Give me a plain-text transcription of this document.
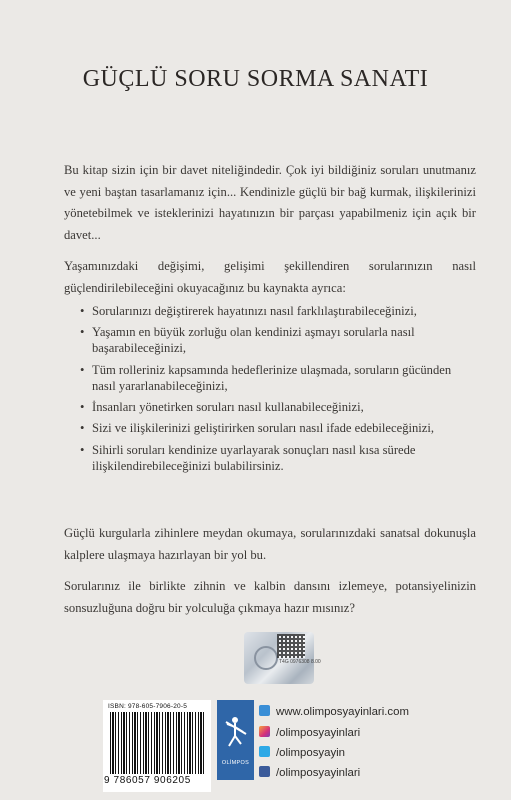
GÜÇLÜ SORU SORMA SANATI
Bu kitap sizin için bir davet niteliğindedir. Çok iyi bildiğiniz soruları unutmanız ve yeni baştan tasarlamanız için... Kendinizle güçlü bir bağ kurmak, ilişkilerinizi yönetebilmek ve isteklerinizi hayatınızın bir parçası yapabilmeniz için açık bir davet...
Yaşamınızdaki değişimi, gelişimi şekillendiren sorularınızın nasıl güçlendirilebileceğini okuyacağınız bu kaynakta ayrıca:
• Sorularınızı değiştirerek hayatınızı nasıl farklılaştırabileceğinizi,
• Yaşamın en büyük zorluğu olan kendinizi aşmayı sorularla nasıl başarabileceğinizi,
• Tüm rolleriniz kapsamında hedeflerinize ulaşmada, soruların gücünden nasıl yararlanabileceğinizi,
• İnsanları yönetirken soruları nasıl kullanabileceğinizi,
• Sizi ve ilişkilerinizi geliştirirken soruları nasıl ifade edebileceğinizi,
• Sihirli soruları kendinize uyarlayarak sonuçları nasıl kısa sürede ilişkilendirebileceğinizi bulabilirsiniz.
Güçlü kurgularla zihinlere meydan okumaya, sorularınızdaki sanatsal dokunuşla kalplere ulaşmaya hazırlayan bir yol bu.
Sorularınız ile birlikte zihnin ve kalbin dansını izlemeye, potansiyelinizin sonsuzluğuna doğru bir yolculuğa çıkmaya hazır mısınız?
T4G 0976308 8.00
ISBN: 978-605-7906-20-5
9 786057 906205
OLİMPOS
www.olimposyayinlari.com
/olimposyayinlari
/olimposyayin
/olimposyayinlari
